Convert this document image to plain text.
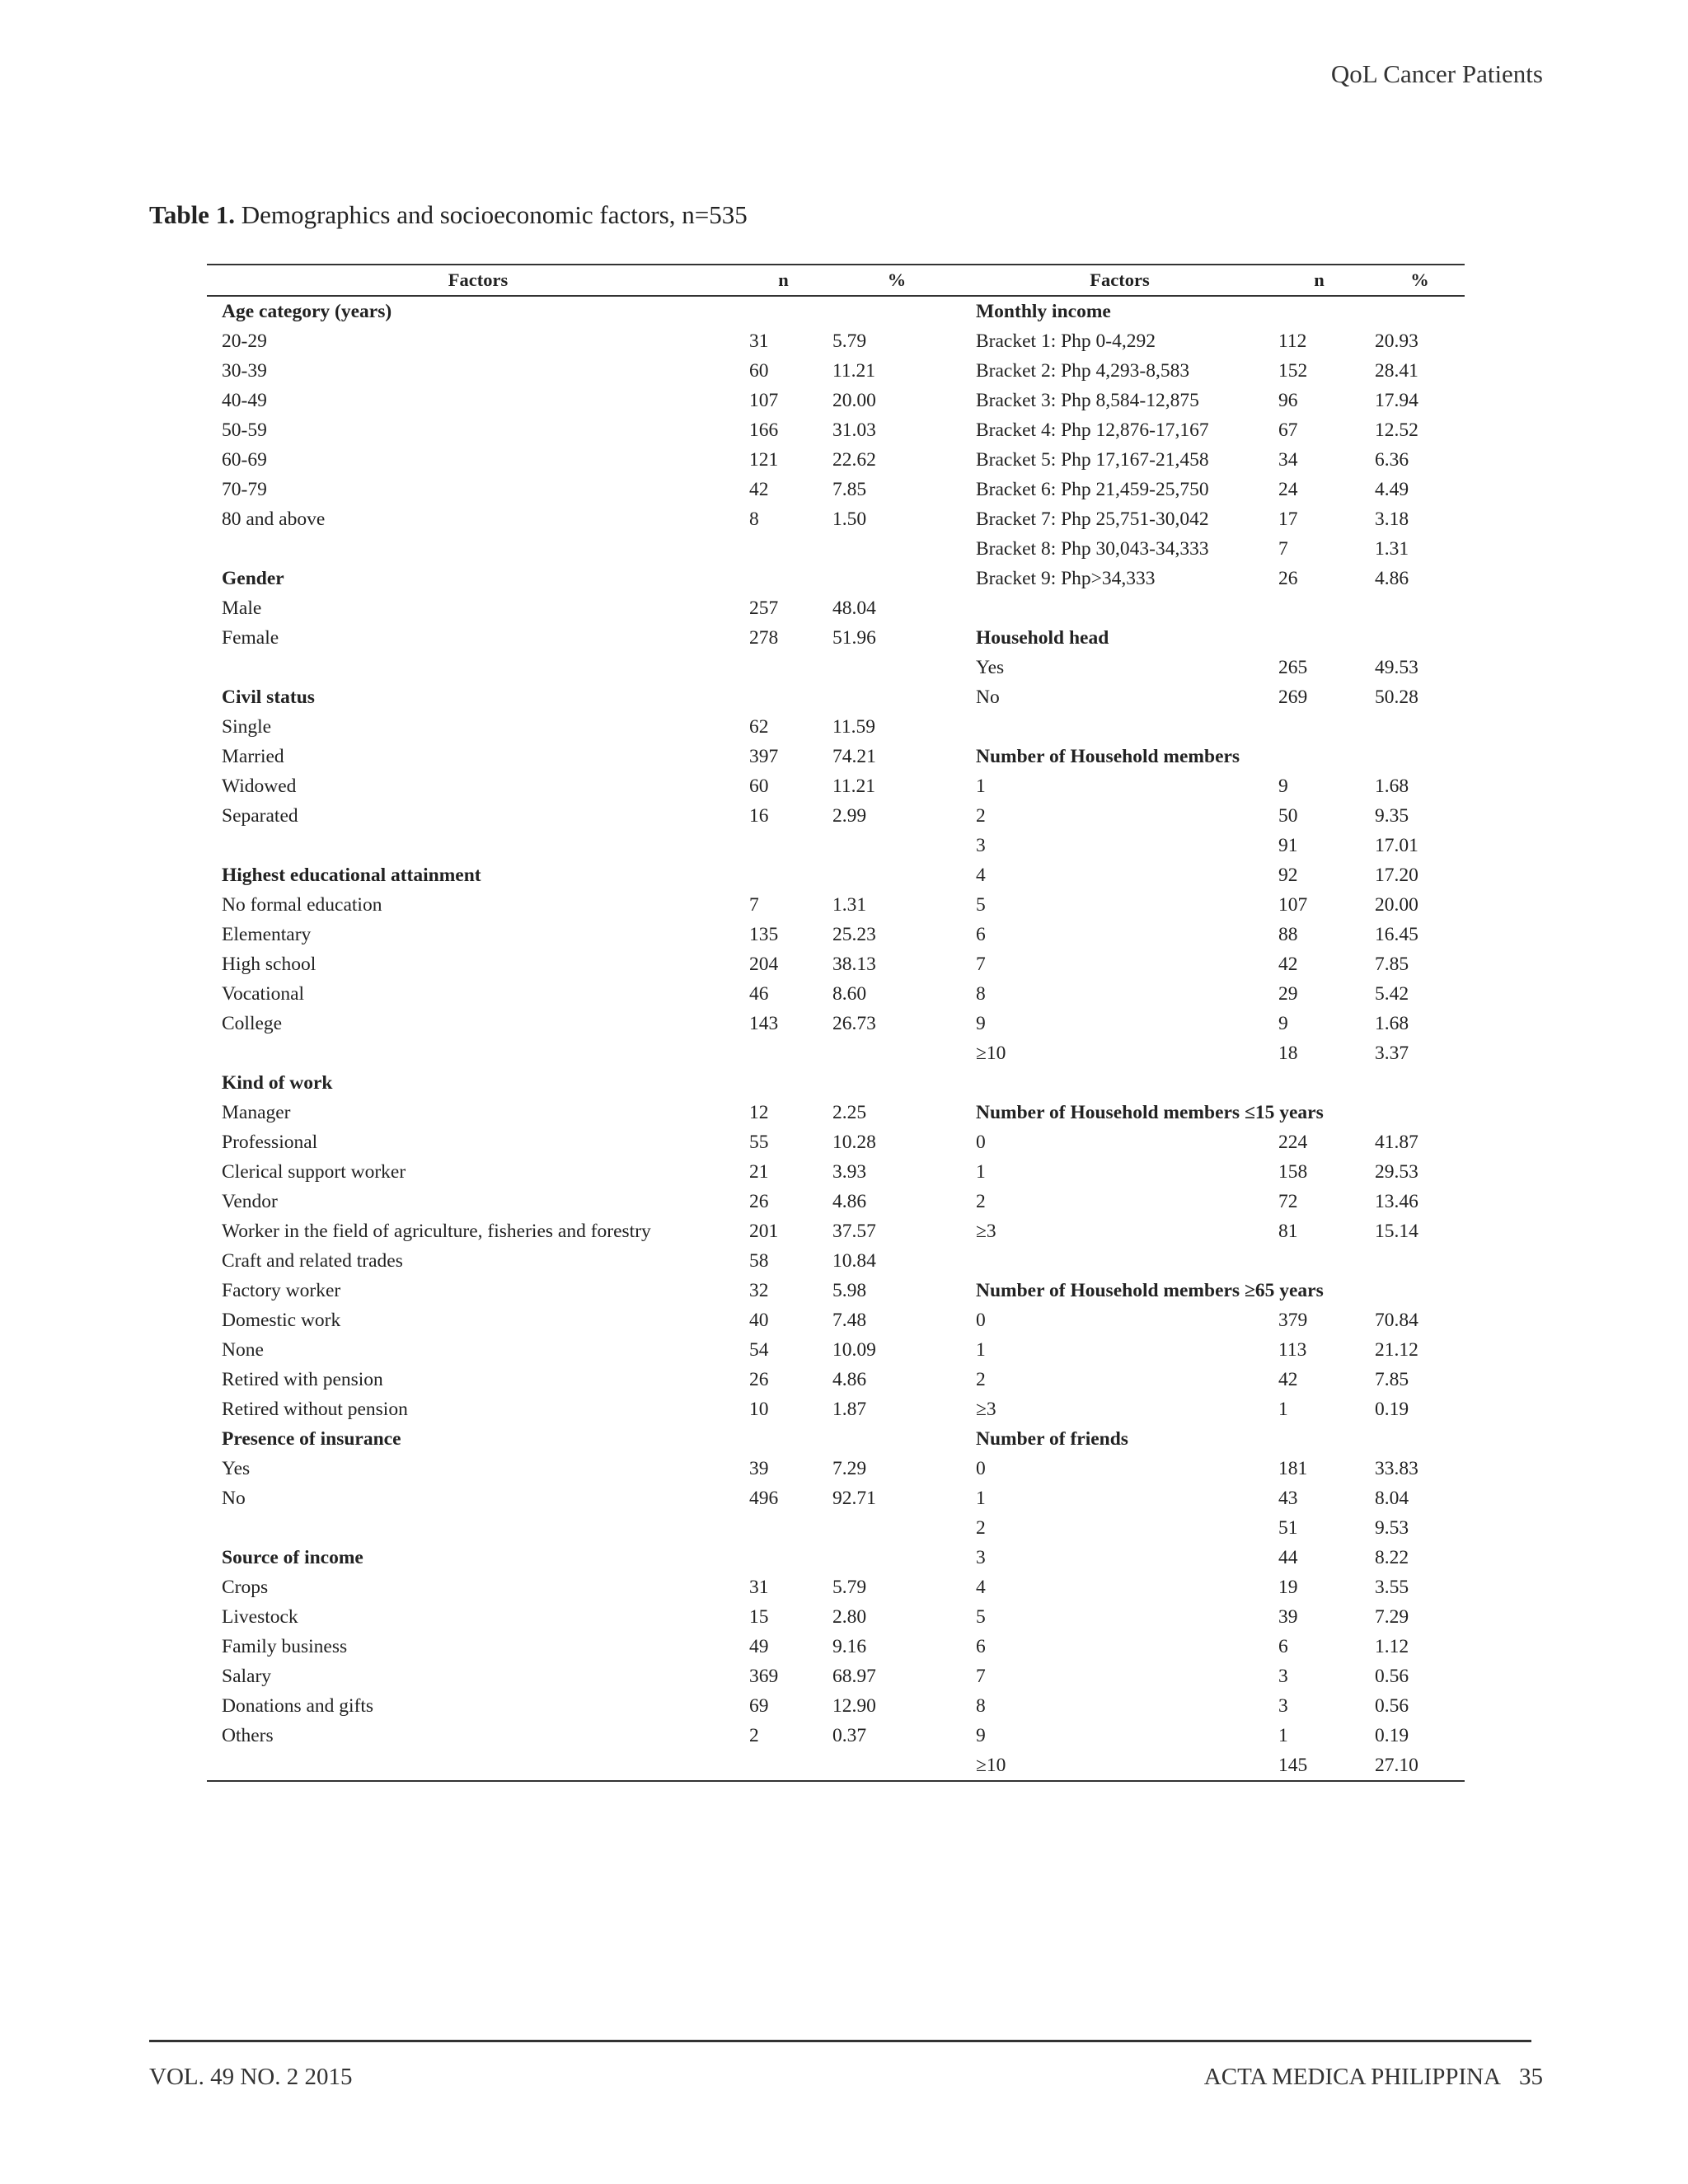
QoL Cancer Patients
Table 1. Demographics and socioeconomic factors, n=535
Factors	n	%	Factors	n	%
Age category (years)			Monthly income		
20-29	31	5.79	Bracket 1: Php 0-4,292	112	20.93
30-39	60	11.21	Bracket 2: Php 4,293-8,583	152	28.41
40-49	107	20.00	Bracket 3: Php 8,584-12,875	96	17.94
50-59	166	31.03	Bracket 4: Php 12,876-17,167	67	12.52
60-69	121	22.62	Bracket 5: Php 17,167-21,458	34	6.36
70-79	42	7.85	Bracket 6: Php 21,459-25,750	24	4.49
80 and above	8	1.50	Bracket 7: Php 25,751-30,042	17	3.18
			Bracket 8: Php 30,043-34,333	7	1.31
Gender			Bracket 9: Php>34,333	26	4.86
Male	257	48.04			
Female	278	51.96	Household head		
			Yes	265	49.53
Civil status			No	269	50.28
Single	62	11.59			
Married	397	74.21	Number of Household members		
Widowed	60	11.21	1	9	1.68
Separated	16	2.99	2	50	9.35
			3	91	17.01
Highest educational attainment			4	92	17.20
No formal education	7	1.31	5	107	20.00
Elementary	135	25.23	6	88	16.45
High school	204	38.13	7	42	7.85
Vocational	46	8.60	8	29	5.42
College	143	26.73	9	9	1.68
			≥10	18	3.37
Kind of work					
Manager	12	2.25	Number of Household members ≤15 years		
Professional	55	10.28	0	224	41.87
Clerical support worker	21	3.93	1	158	29.53
Vendor	26	4.86	2	72	13.46
Worker in the field of agriculture, fisheries and forestry	201	37.57	≥3	81	15.14
Craft and related trades	58	10.84			
Factory worker	32	5.98	Number of Household members ≥65 years		
Domestic work	40	7.48	0	379	70.84
None	54	10.09	1	113	21.12
Retired with pension	26	4.86	2	42	7.85
Retired without pension	10	1.87	≥3	1	0.19
Presence of insurance			Number of friends		
Yes	39	7.29	0	181	33.83
No	496	92.71	1	43	8.04
			2	51	9.53
Source of income			3	44	8.22
Crops	31	5.79	4	19	3.55
Livestock	15	2.80	5	39	7.29
Family business	49	9.16	6	6	1.12
Salary	369	68.97	7	3	0.56
Donations and gifts	69	12.90	8	3	0.56
Others	2	0.37	9	1	0.19
			≥10	145	27.10
VOL. 49 NO. 2 2015	ACTA MEDICA PHILIPPINA 35
